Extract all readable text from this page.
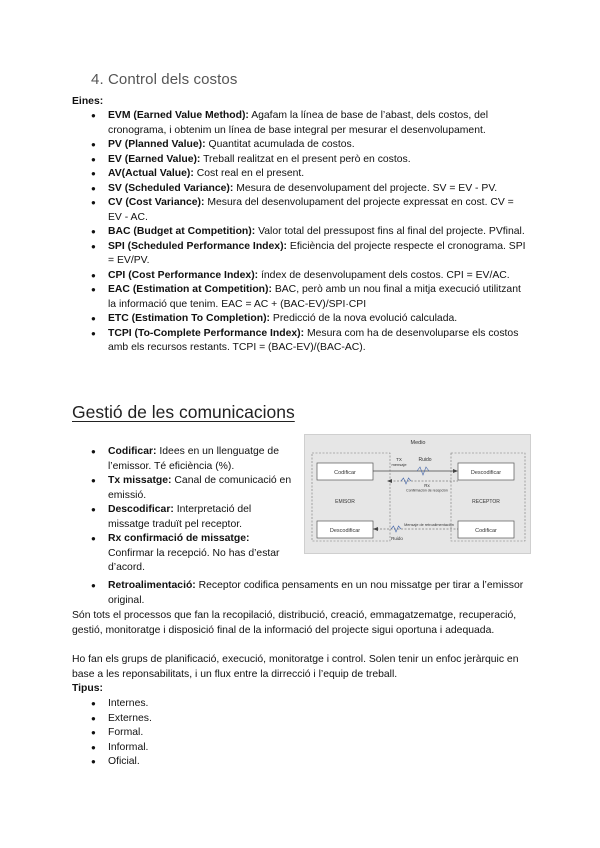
4. Control dels costos

Eines:

● EVM (Earned Value Method): Agafam la línea de base de l’abast, dels costos, del cronograma, i obtenim un línea de base integral per mesurar el desenvolupament.
● PV (Planned Value): Quantitat acumulada de costos.
● EV (Earned Value): Treball realitzat en el present però en costos.
● AV(Actual Value): Cost real en el present.
● SV (Scheduled Variance): Mesura de desenvolupament del projecte. SV = EV - PV.
● CV (Cost Variance): Mesura del desenvolupament del projecte expressat en cost. CV = EV - AC.
● BAC (Budget at Competition): Valor total del pressupost fins al final del projecte. PVfinal.
● SPI (Scheduled Performance Index): Eficiència del projecte respecte el cronograma. SPI = EV/PV.
● CPI (Cost Performance Index): índex de desenvolupament dels costos. CPI = EV/AC.
● EAC (Estimation at Competition): BAC, però amb un nou final a mitja execució utilitzant la informació que tenim. EAC = AC + (BAC-EV)/SPI·CPI
● ETC (Estimation To Completion): Predicció de la nova evolució calculada.
● TCPI (To-Complete Performance Index): Mesura com ha de desenvoluparse els costos amb els recursos restants. TCPI = (BAC-EV)/(BAC-AC).
Gestió de les comunicacions
● Codificar: Idees en un llenguatge de l’emissor. Té eficiència (%).
● Tx missatge: Canal de comunicació en emissió.
● Descodificar: Interpretació del missatge traduït pel receptor.
● Rx confirmació de missatge: Confirmar la recepció. No has d’estar d’acord.
Medio
Codificar
EMISOR
Descodificar
Descodificar
RECEPTOR
Codificar
TX
mensaje
Ruido
Rx
Confirmación de recepción
Ruido
Mensaje de retroalimentación
● Retroalimentació: Receptor codifica pensaments en un nou missatge per tirar a l’emissor original.

Són tots el processos que fan la recopilació, distribució, creació, emmagatzematge, recuperació, gestió, monitoratge i disposició final de la informació del projecte sigui oportuna i adequada.

Ho fan els grups de planificació, execució, monitoratge i control. Solen tenir un enfoc jeràrquic en base a les reponsabilitats, i un flux entre la dirrecció i l’equip de treball.

Tipus:

● Internes.
● Externes.
● Formal.
● Informal.
● Oficial.
